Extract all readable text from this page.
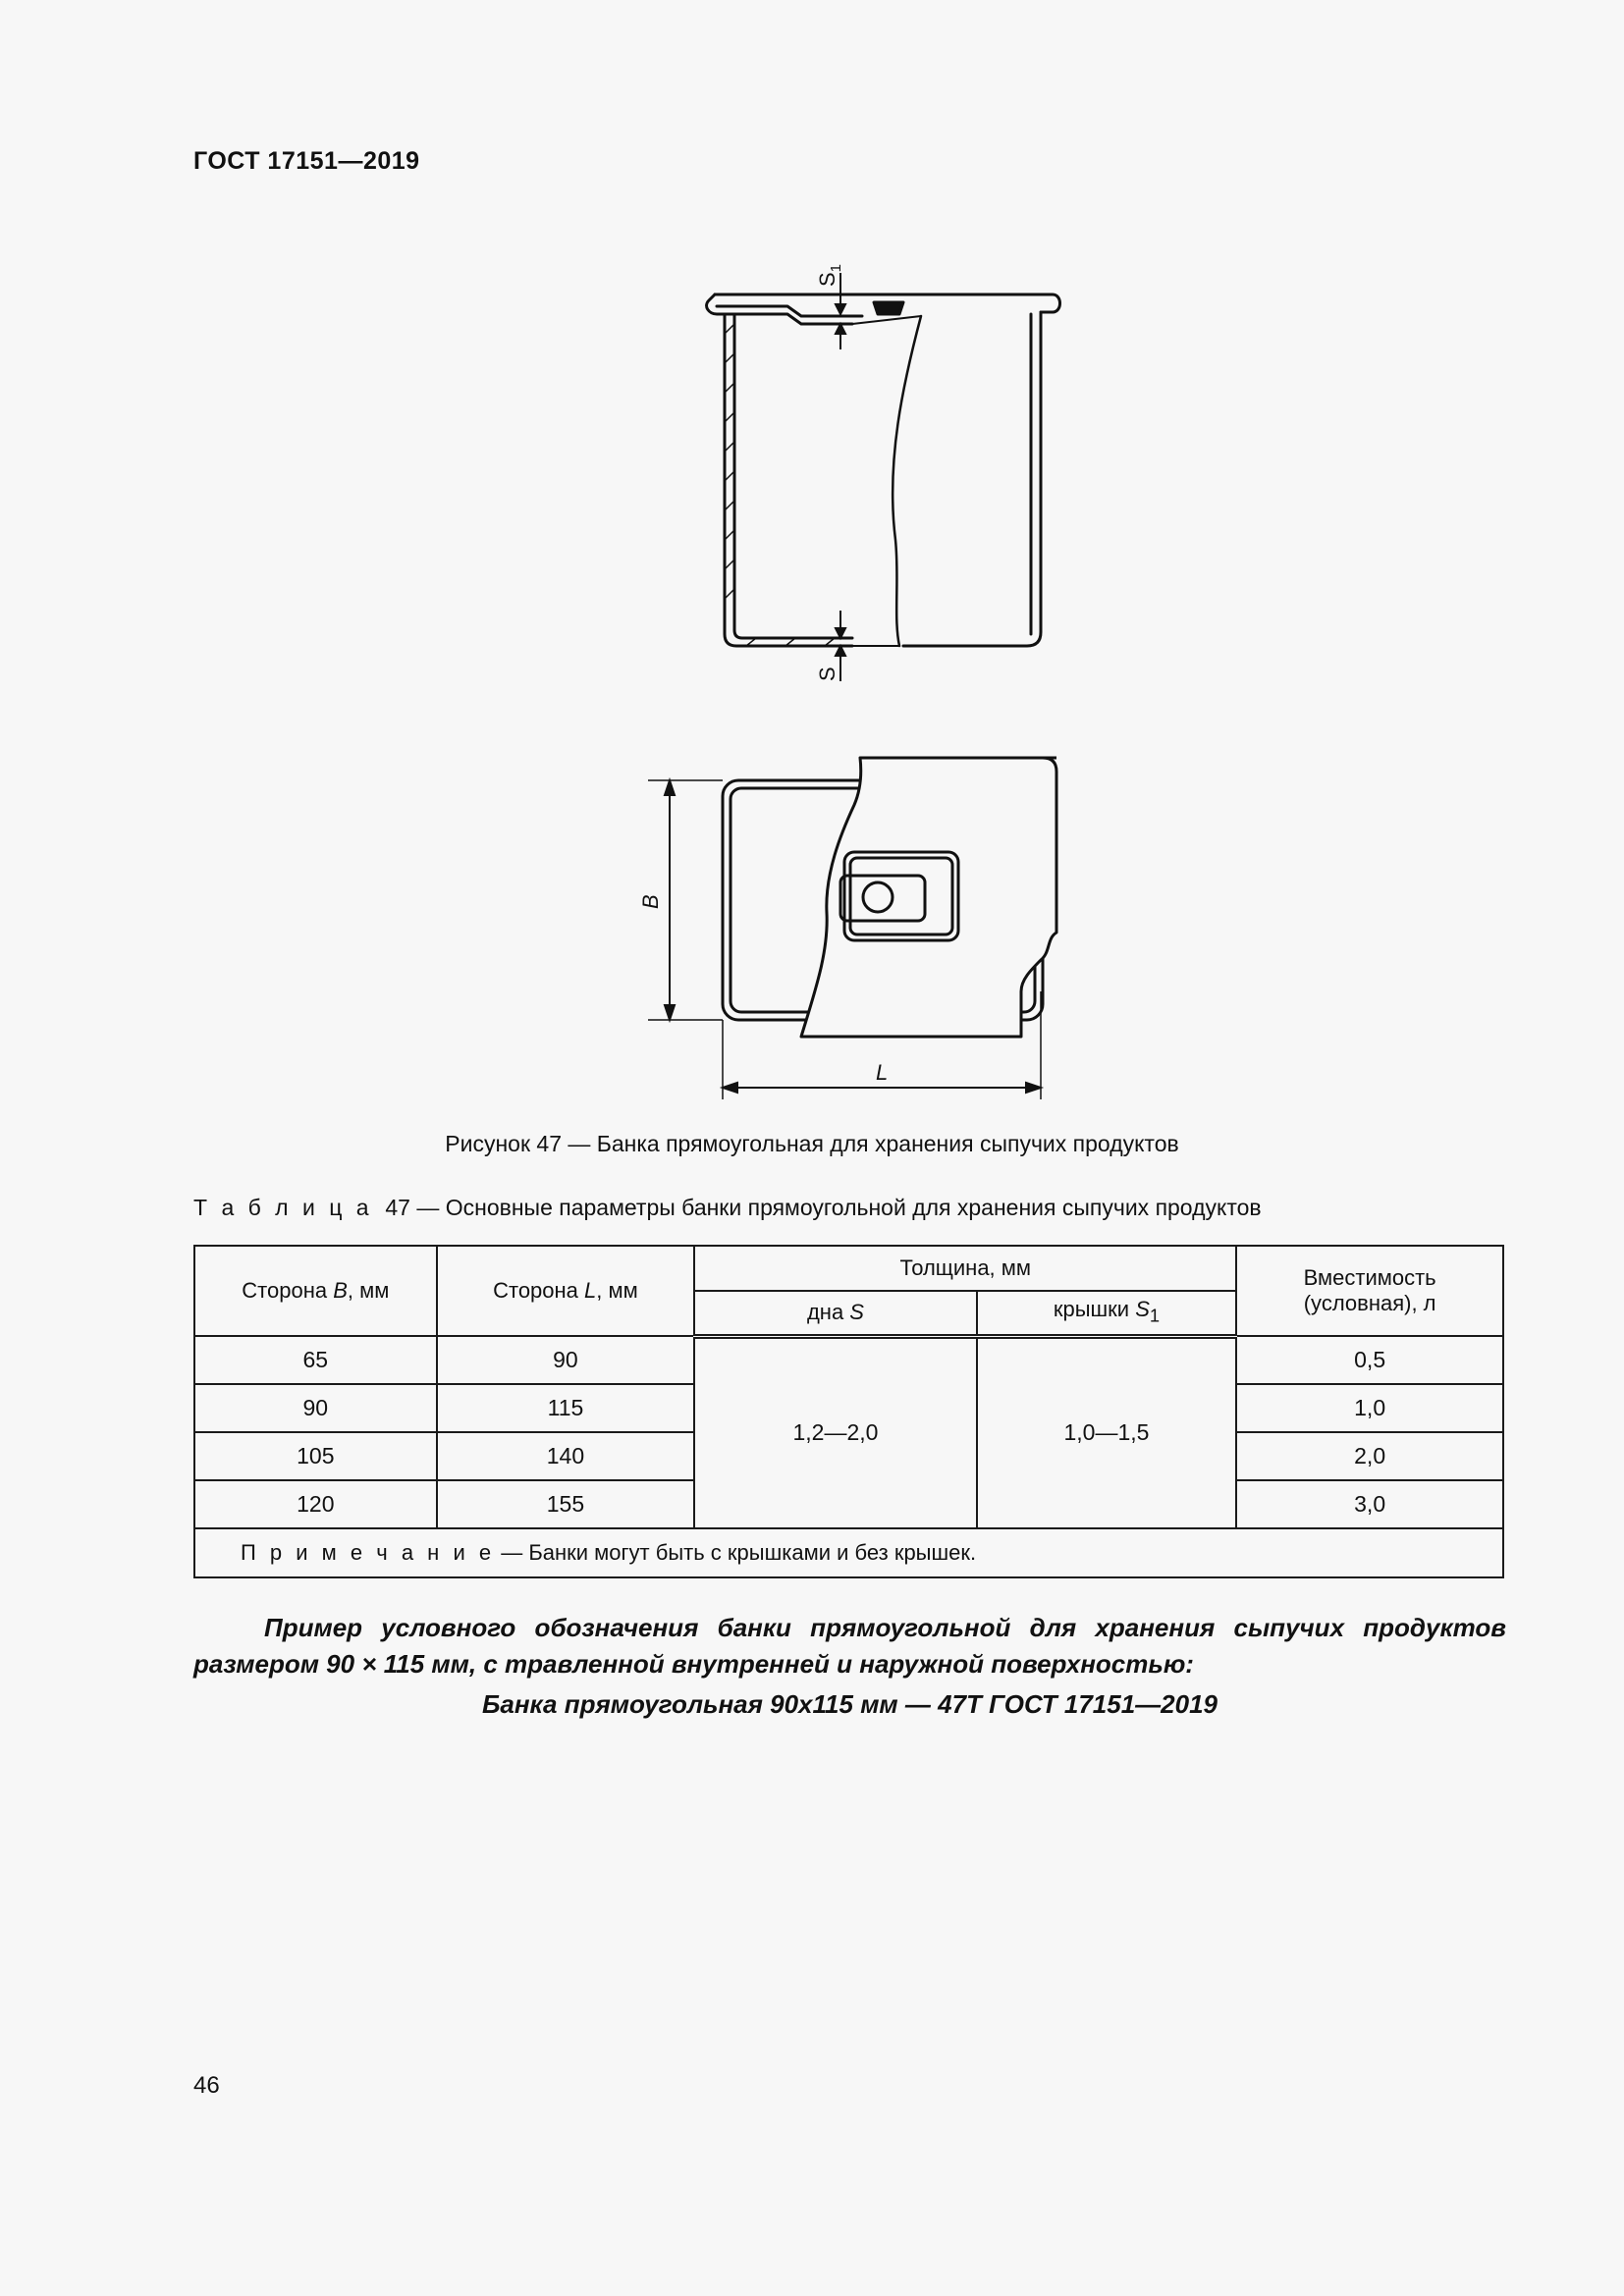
ГОСТ 17151—2019
$S_1$
S
B
L
Рисунок 47 — Банка прямоугольная для хранения сыпучих продуктов
Т а б л и ц а 47 — Основные параметры банки прямоугольной для хранения сыпучих продуктов
Сторона B, мм	Сторона L, мм	Толщина, мм		Вместимость
(условная), л
		дна S	крышки $S_1$
65	90	1,2—2,0	1,0—1,5	0,5
90	115			1,0
105	140			2,0
120	155			3,0
П р и м е ч а н и е — Банки могут быть с крышками и без крышек.				
Пример условного обозначения банки прямоугольной для хранения сыпучих продуктов размером 90 × 115 мм, с травленной внутренней и наружной поверхностью:
Банка прямоугольная 90х115 мм — 47Т ГОСТ 17151—2019
46
